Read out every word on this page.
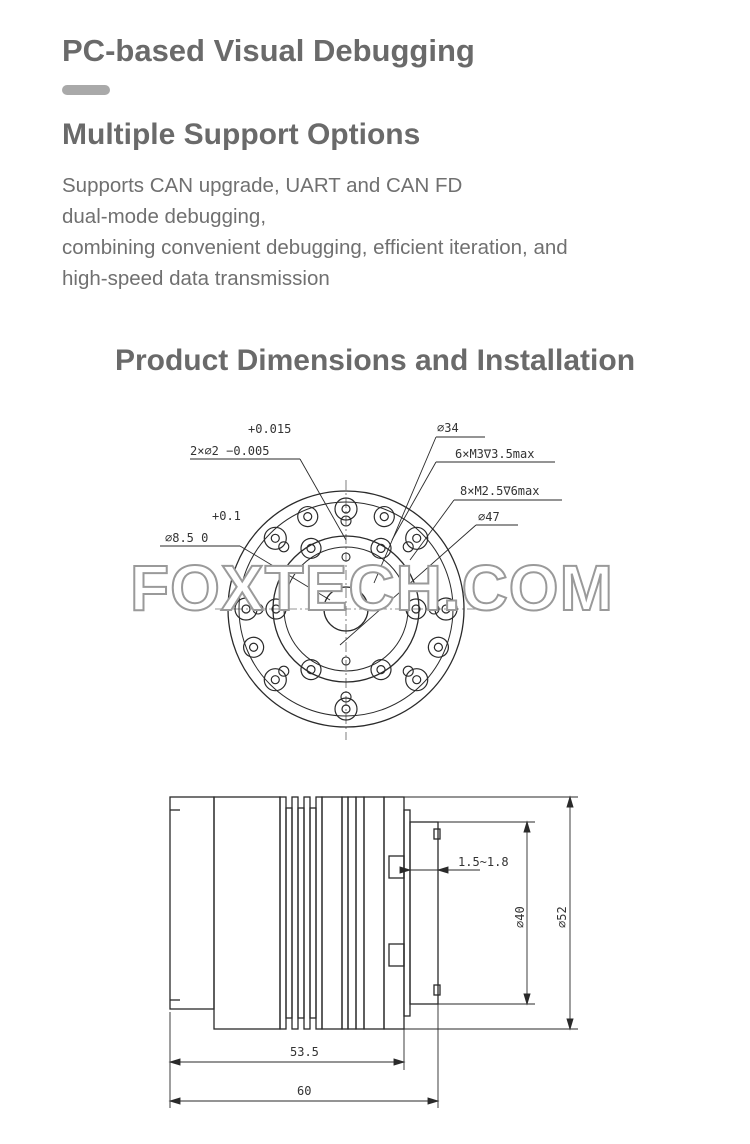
PC-based Visual Debugging
Multiple Support Options
Supports CAN upgrade, UART and CAN FD
dual-mode debugging,
combining convenient debugging, efficient iteration, and
high-speed data transmission
Product Dimensions and Installation
+0.015
2×∅2 −0.005
∅34
6×M3∇3.5max
8×M2.5∇6max
∅47
+0.1
∅8.5 0
FOXTECH.COM
1.5~1.8
∅40 ∅52
53.5
60
